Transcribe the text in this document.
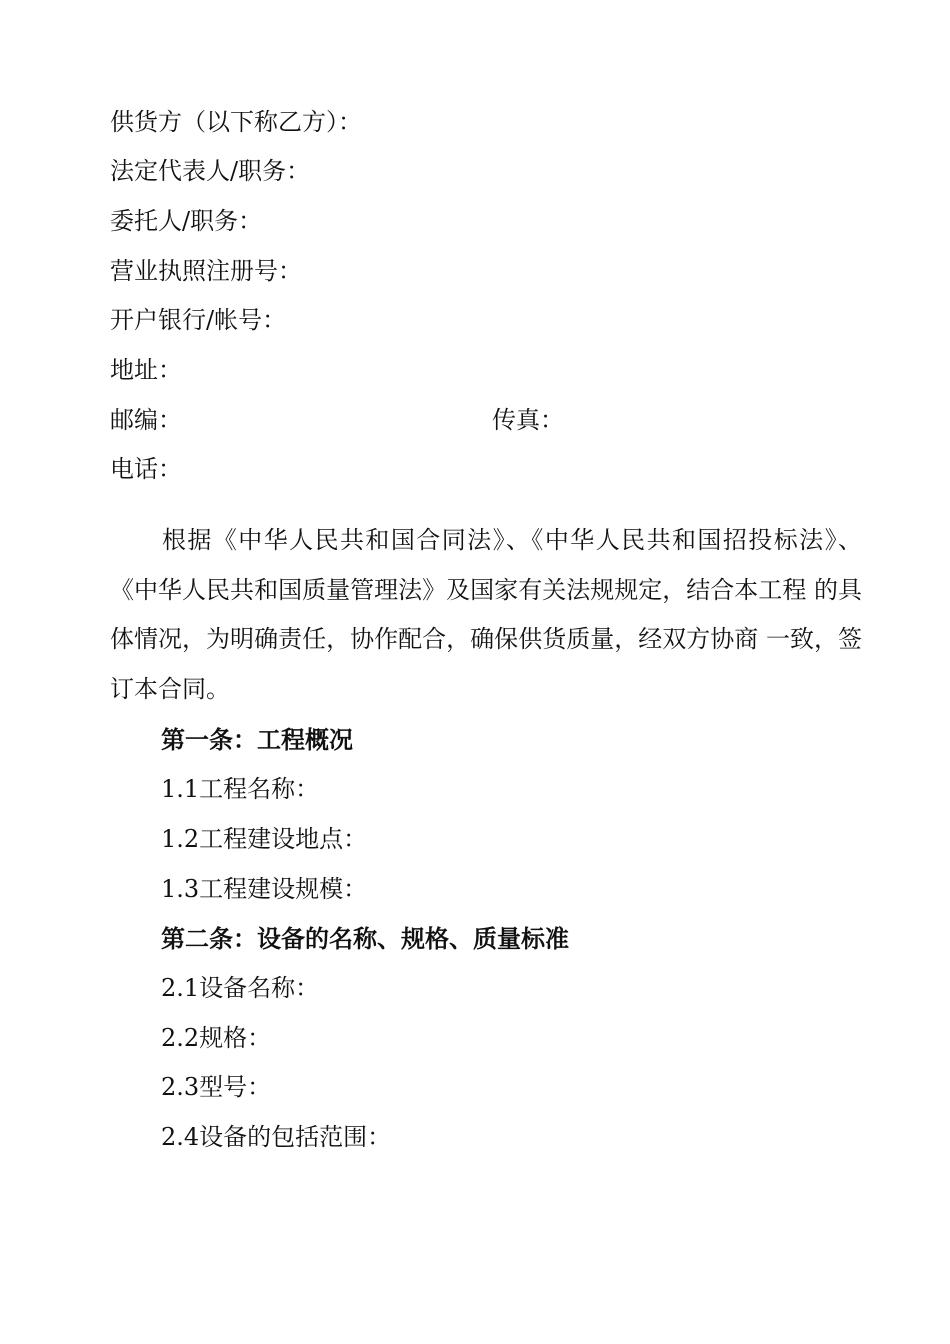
供货方（以下称乙方）：
法定代表人/职务：
委托人/职务：
营业执照注册号：
开户银行/帐号：
地址：
邮编：	传真：
电话：
根据《中华人民共和国合同法》、《中华人民共和国招投标法》、 《中华人民共和国质量管理法》及国家有关法规规定，结合本工程 的具体情况，为明确责任，协作配合，确保供货质量，经双方协商 一致，签订本合同。
第一条：工程概况
1.1工程名称：
1.2工程建设地点：
1.3工程建设规模：
第二条：设备的名称、规格、质量标准
2.1设备名称：
2.2规格：
2.3型号：
2.4设备的包括范围：
